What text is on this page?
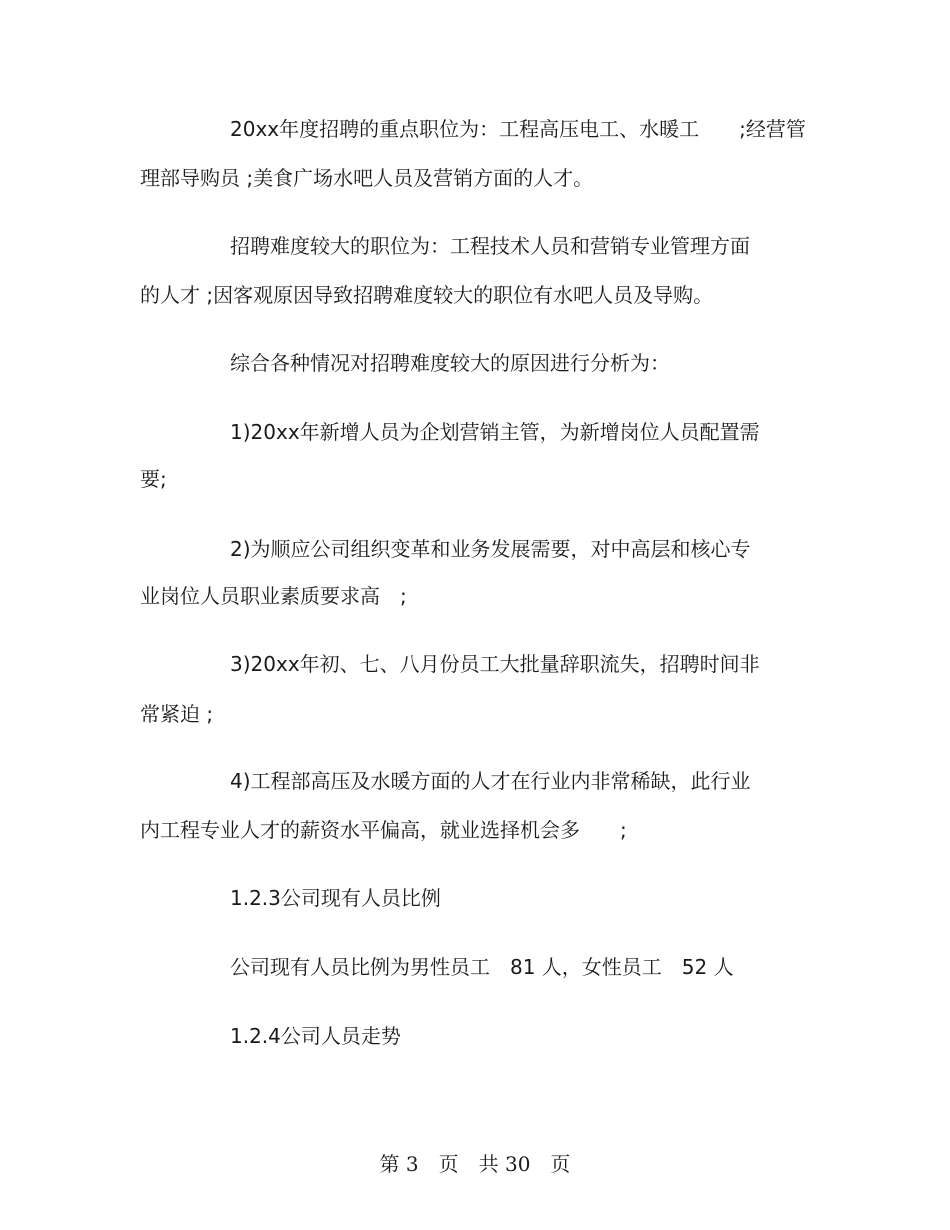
20xx年度招聘的重点职位为：工程高压电工、水暖工　　;经营管
理部导购员 ;美食广场水吧人员及营销方面的人才。
招聘难度较大的职位为：工程技术人员和营销专业管理方面
的人才 ;因客观原因导致招聘难度较大的职位有水吧人员及导购。
综合各种情况对招聘难度较大的原因进行分析为：
1)20xx年新增人员为企划营销主管，为新增岗位人员配置需
要;
2)为顺应公司组织变革和业务发展需要，对中高层和核心专
业岗位人员职业素质要求高　;
3)20xx年初、七、八月份员工大批量辞职流失，招聘时间非
常紧迫 ;
4)工程部高压及水暖方面的人才在行业内非常稀缺，此行业
内工程专业人才的薪资水平偏高，就业选择机会多　　;
1.2.3公司现有人员比例
公司现有人员比例为男性员工　81 人，女性员工　52 人
1.2.4公司人员走势
第 3　页　共 30　页
